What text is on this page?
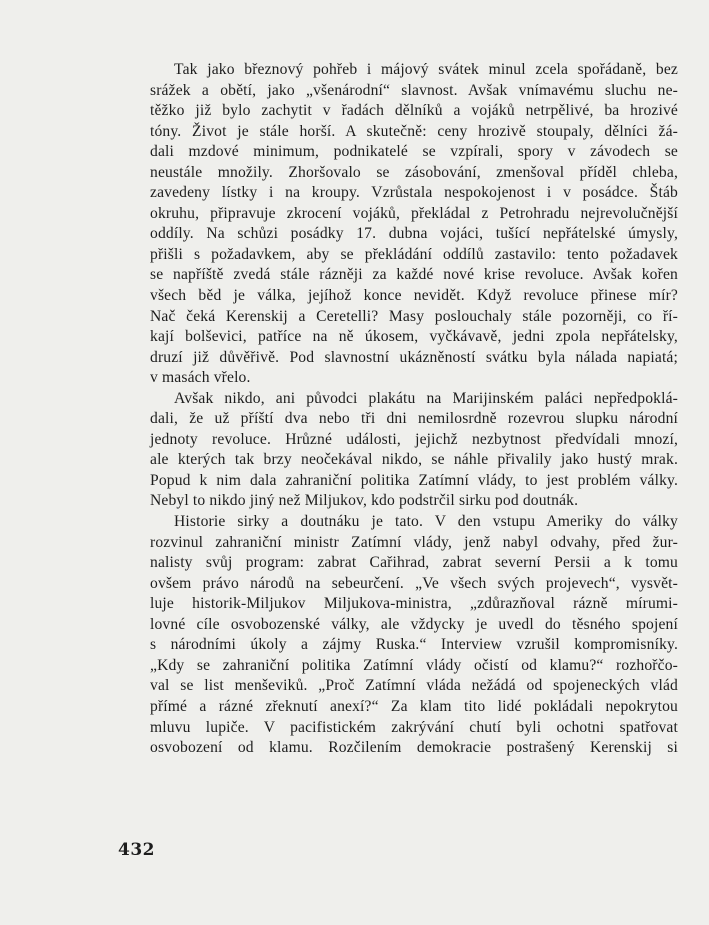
Tak jako březnový pohřeb i májový svátek minul zcela spořádaně, bez
srážek a obětí, jako „všenárodní“ slavnost. Avšak vnímavému sluchu ne-
těžko již bylo zachytit v řadách dělníků a vojáků netrpělivé, ba hrozivé
tóny. Život je stále horší. A skutečně: ceny hrozivě stoupaly, dělníci žá-
dali mzdové minimum, podnikatelé se vzpírali, spory v závodech se
neustále množily. Zhoršovalo se zásobování, zmenšoval příděl chleba,
zavedeny lístky i na kroupy. Vzrůstala nespokojenost i v posádce. Štáb
okruhu, připravuje zkrocení vojáků, překládal z Petrohradu nejrevolučnější
oddíly. Na schůzi posádky 17. dubna vojáci, tušící nepřátelské úmysly,
přišli s požadavkem, aby se překládání oddílů zastavilo: tento požadavek
se napříště zvedá stále rázněji za každé nové krise revoluce. Avšak kořen
všech běd je válka, jejíhož konce nevidět. Když revoluce přinese mír?
Nač čeká Kerenskij a Ceretelli? Masy poslouchaly stále pozorněji, co ří-
kají bolševici, patříce na ně úkosem, vyčkávavě, jedni zpola nepřátelsky,
druzí již důvěřivě. Pod slavnostní ukázněností svátku byla nálada napiatá;
v masách vřelo.
Avšak nikdo, ani původci plakátu na Marijinském paláci nepředpoklá-
dali, že už příští dva nebo tři dni nemilosrdně rozevrou slupku národní
jednoty revoluce. Hrůzné události, jejichž nezbytnost předvídali mnozí,
ale kterých tak brzy neočekával nikdo, se náhle přivalily jako hustý mrak.
Popud k nim dala zahraniční politika Zatímní vlády, to jest problém války.
Nebyl to nikdo jiný než Miljukov, kdo podstrčil sirku pod doutnák.
Historie sirky a doutnáku je tato. V den vstupu Ameriky do války
rozvinul zahraniční ministr Zatímní vlády, jenž nabyl odvahy, před žur-
nalisty svůj program: zabrat Cařihrad, zabrat severní Persii a k tomu
ovšem právo národů na sebeurčení. „Ve všech svých projevech“, vysvět-
luje historik-Miljukov Miljukova-ministra, „zdůrazňoval rázně mírumi-
lovné cíle osvobozenské války, ale vždycky je uvedl do těsného spojení
s národními úkoly a zájmy Ruska.“ Interview vzrušil kompromisníky.
„Kdy se zahraniční politika Zatímní vlády očistí od klamu?“ rozhořčo-
val se list menševiků. „Proč Zatímní vláda nežádá od spojeneckých vlád
přímé a rázné zřeknutí anexí?“ Za klam tito lidé pokládali nepokrytou
mluvu lupiče. V pacifistickém zakrývání chutí byli ochotni spatřovat
osvobození od klamu. Rozčilením demokracie postrašený Kerenskij si
432
